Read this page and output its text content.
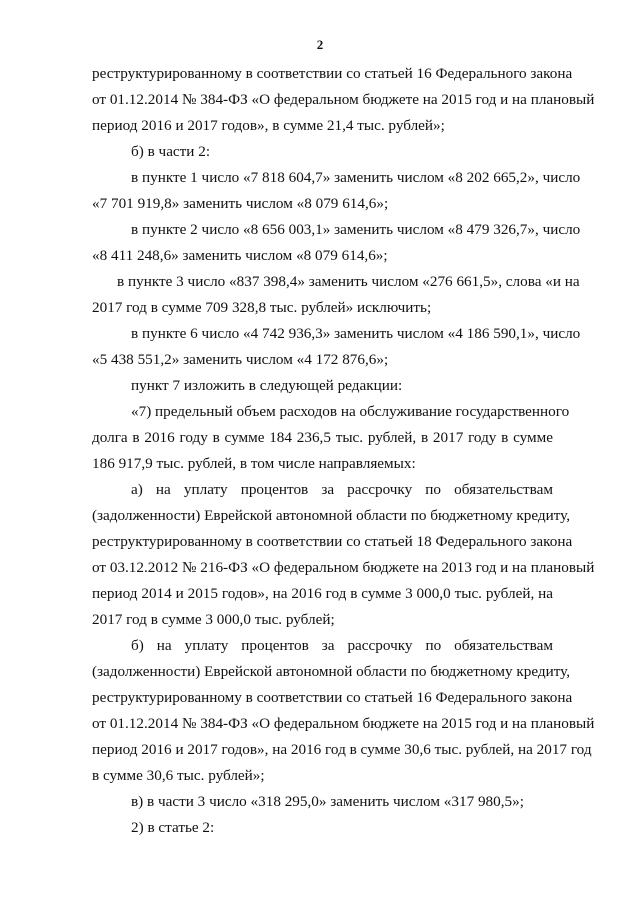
2
реструктурированному в соответствии со статьей 16 Федерального закона
от 01.12.2014 № 384-ФЗ «О федеральном бюджете на 2015 год и на плановый
период 2016 и 2017 годов», в сумме 21,4 тыс. рублей»;
б) в части 2:
в пункте 1 число «7 818 604,7» заменить числом «8 202 665,2», число
«7 701 919,8» заменить числом «8 079 614,6»;
в пункте 2 число «8 656 003,1» заменить числом «8 479 326,7», число
«8 411 248,6» заменить числом «8 079 614,6»;
в пункте 3 число «837 398,4» заменить числом «276 661,5», слова «и на
2017 год в сумме 709 328,8 тыс. рублей» исключить;
в пункте 6 число «4 742 936,3» заменить числом «4 186 590,1», число
«5 438 551,2» заменить числом «4 172 876,6»;
пункт 7 изложить в следующей редакции:
«7) предельный объем расходов на обслуживание государственного
долга в 2016 году в сумме 184 236,5 тыс. рублей, в 2017 году в сумме
186 917,9 тыс. рублей, в том числе направляемых:
а) на уплату процентов за рассрочку по обязательствам
(задолженности) Еврейской автономной области по бюджетному кредиту,
реструктурированному в соответствии со статьей 18 Федерального закона
от 03.12.2012 № 216-ФЗ «О федеральном бюджете на 2013 год и на плановый
период 2014 и 2015 годов», на 2016 год в сумме 3 000,0 тыс. рублей, на
2017 год в сумме 3 000,0 тыс. рублей;
б) на уплату процентов за рассрочку по обязательствам
(задолженности) Еврейской автономной области по бюджетному кредиту,
реструктурированному в соответствии со статьей 16 Федерального закона
от 01.12.2014 № 384-ФЗ «О федеральном бюджете на 2015 год и на плановый
период 2016 и 2017 годов», на 2016 год в сумме 30,6 тыс. рублей, на 2017 год
в сумме 30,6 тыс. рублей»;
в) в части 3 число «318 295,0» заменить числом «317 980,5»;
2) в статье 2:
